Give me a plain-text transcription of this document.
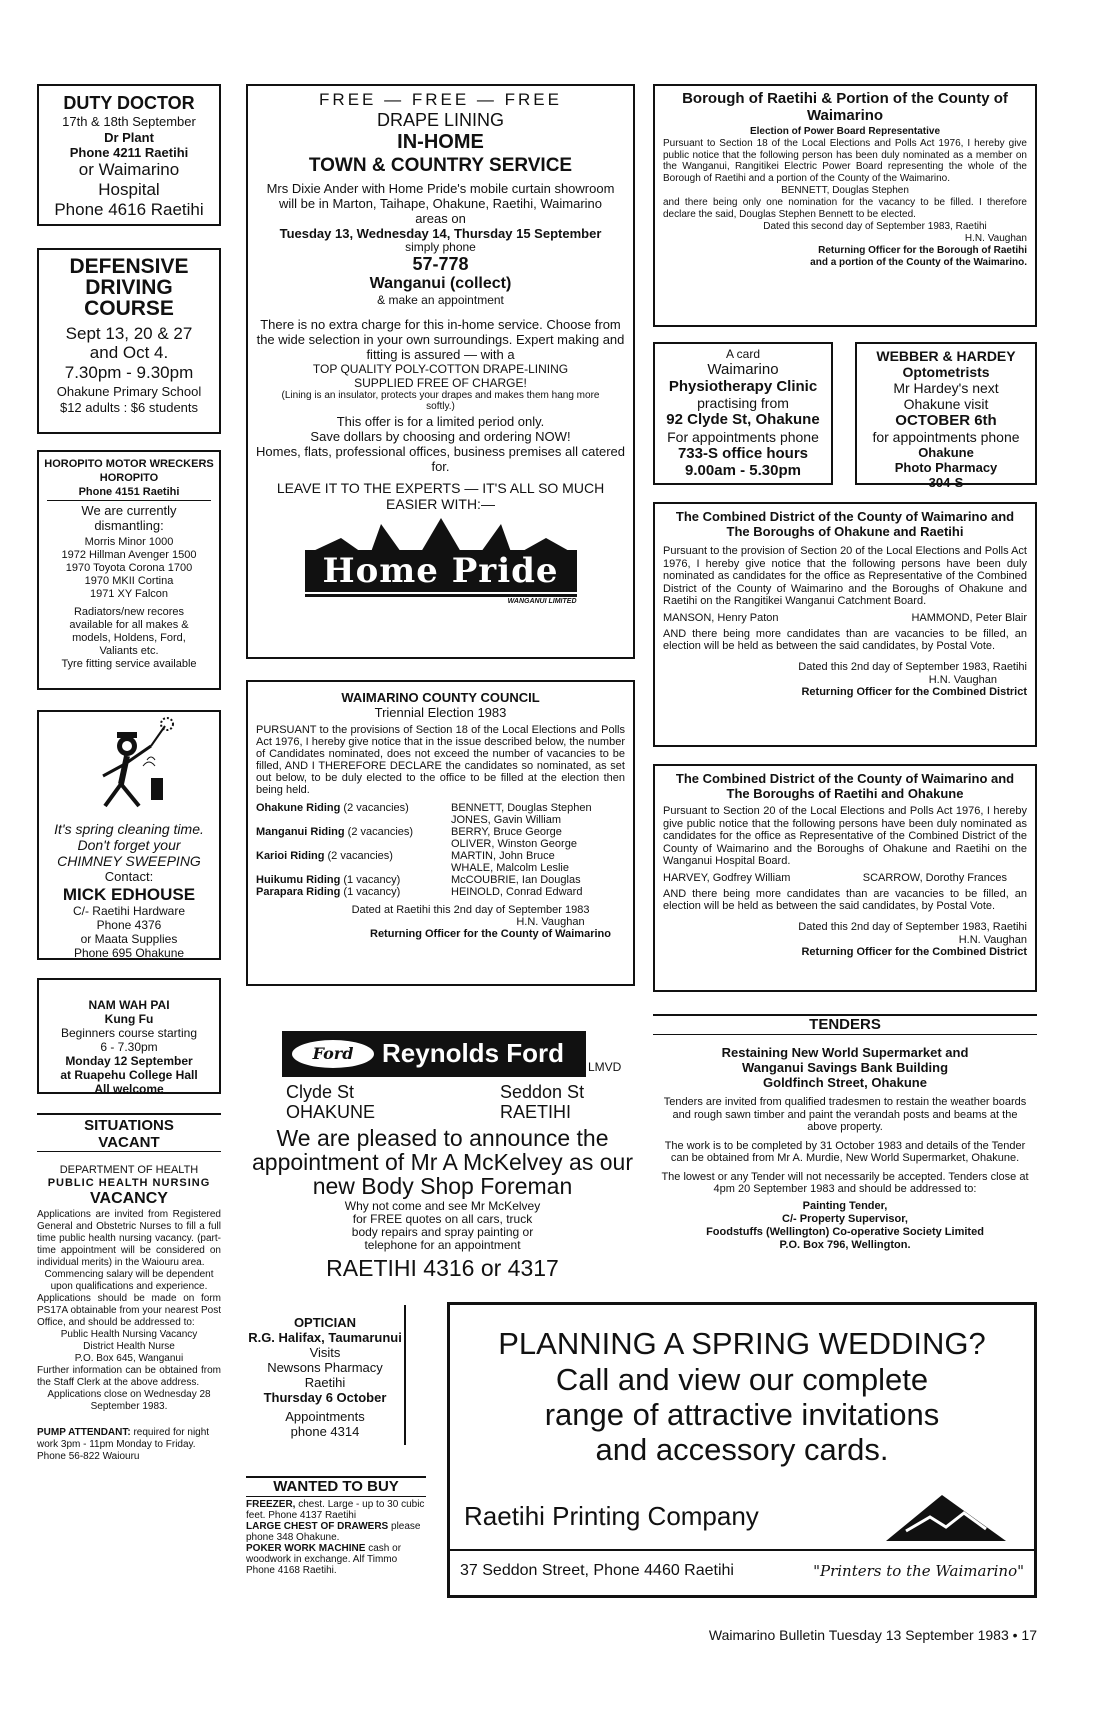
DUTY DOCTOR
17th & 18th September
Dr Plant
Phone 4211 Raetihi
or Waimarino
Hospital
Phone 4616 Raetihi
DEFENSIVE
DRIVING
COURSE
Sept 13, 20 & 27
and Oct 4.
7.30pm - 9.30pm
Ohakune Primary School
$12 adults : $6 students
HOROPITO MOTOR WRECKERS
HOROPITO
Phone 4151 Raetihi
We are currently
dismantling:
Morris Minor 1000
1972 Hillman Avenger 1500
1970 Toyota Corona 1700
1970 MKII Cortina
1971 XY Falcon
Radiators/new recores
available for all makes &
models, Holdens, Ford,
Valiants etc.
Tyre fitting service available
It's spring cleaning time.
Don't forget your
CHIMNEY SWEEPING
Contact:
MICK EDHOUSE
C/- Raetihi Hardware
Phone 4376
or Maata Supplies
Phone 695 Ohakune
NAM WAH PAI
Kung Fu
Beginners course starting
6 - 7.30pm
Monday 12 September
at Ruapehu College Hall
All welcome
SITUATIONS
VACANT
DEPARTMENT OF HEALTH
PUBLIC HEALTH NURSING
VACANCY
Applications are invited from Registered General and Obstetric Nurses to fill a full time public health nursing vacancy. (part-time appointment will be considered on individual merits) in the Waiouru area.
Commencing salary will be dependent upon qualifications and experience.
Applications should be made on form PS17A obtainable from your nearest Post Office, and should be addressed to:
Public Health Nursing Vacancy
District Health Nurse
P.O. Box 645, Wanganui
Further information can be obtained from the Staff Clerk at the above address.
Applications close on Wednesday 28 September 1983.
PUMP ATTENDANT: required for night work 3pm - 11pm Monday to Friday. Phone 56-822 Waiouru
FREE — FREE — FREE
DRAPE LINING
IN-HOME
TOWN & COUNTRY SERVICE
Mrs Dixie Ander with Home Pride's mobile curtain showroom will be in Marton, Taihape, Ohakune, Raetihi, Waimarino areas on
Tuesday 13, Wednesday 14, Thursday 15 September
simply phone
57-778
Wanganui (collect)
& make an appointment
There is no extra charge for this in-home service. Choose from the wide selection in your own surroundings. Expert making and fitting is assured — with a
TOP QUALITY POLY-COTTON DRAPE-LINING
SUPPLIED FREE OF CHARGE!
(Lining is an insulator, protects your drapes and makes them hang more softly.)
This offer is for a limited period only.
Save dollars by choosing and ordering NOW!
Homes, flats, professional offices, business premises all catered for.
LEAVE IT TO THE EXPERTS — IT'S ALL SO MUCH EASIER WITH:—
Home Pride
WANGANUI LIMITED
WAIMARINO COUNTY COUNCIL
Triennial Election 1983
PURSUANT to the provisions of Section 18 of the Local Elections and Polls Act 1976, I hereby give notice that in the issue described below, the number of Candidates nominated, does not exceed the number of vacancies to be filled, AND I THEREFORE DECLARE the candidates so nominated, as set out below, to be duly elected to the office to be filled at the election then being held.
Ohakune Riding (2 vacancies)	BENNETT, Douglas Stephen
JONES, Gavin William
Manganui Riding (2 vacancies)	BERRY, Bruce George
OLIVER, Winston George
Karioi Riding (2 vacancies)	MARTIN, John Bruce
WHALE, Malcolm Leslie
Huikumu Riding (1 vacancy)	McCOUBRIE, Ian Douglas
Parapara Riding (1 vacancy)	HEINOLD, Conrad Edward
Dated at Raetihi this 2nd day of September 1983
H.N. Vaughan
Returning Officer for the County of Waimarino
Ford	Reynolds Ford	LMVD
Clyde St
OHAKUNE
Seddon St
RAETIHI
We are pleased to announce the appointment of Mr A McKelvey as our new Body Shop Foreman
Why not come and see Mr McKelvey
for FREE quotes on all cars, truck
body repairs and spray painting or
telephone for an appointment
RAETIHI 4316 or 4317
OPTICIAN
R.G. Halifax, Taumarunui
Visits
Newsons Pharmacy
Raetihi
Thursday 6 October
Appointments
phone 4314
WANTED TO BUY
FREEZER, chest. Large - up to 30 cubic feet. Phone 4137 Raetihi
LARGE CHEST OF DRAWERS please phone 348 Ohakune.
POKER WORK MACHINE cash or woodwork in exchange. Alf Timmo Phone 4168 Raetihi.
Borough of Raetihi & Portion of the County of Waimarino
Election of Power Board Representative
Pursuant to Section 18 of the Local Elections and Polls Act 1976, I hereby give public notice that the following person has been duly nominated as a member on the Wanganui, Rangitikei Electric Power Board representing the whole of the Borough of Raetihi and a portion of the County of the Waimarino.
BENNETT, Douglas Stephen
and there being only one nomination for the vacancy to be filled. I therefore declare the said, Douglas Stephen Bennett to be elected.
Dated this second day of September 1983, Raetihi
H.N. Vaughan
Returning Officer for the Borough of Raetihi
and a portion of the County of the Waimarino.
A card
Waimarino
Physiotherapy Clinic
practising from
92 Clyde St, Ohakune
For appointments phone
733-S office hours
9.00am - 5.30pm
WEBBER & HARDEY
Optometrists
Mr Hardey's next
Ohakune visit
OCTOBER 6th
for appointments phone
Ohakune
Photo Pharmacy
304-S
The Combined District of the County of Waimarino and The Boroughs of Ohakune and Raetihi
Pursuant to the provision of Section 20 of the Local Elections and Polls Act 1976, I hereby give notice that the following persons have been duly nominated as candidates for the office as Representative of the Combined District of the County of Waimarino and the Boroughs of Ohakune and Raetihi on the Rangitikei Wanganui Catchment Board.
MANSON, Henry Paton	HAMMOND, Peter Blair
AND there being more candidates than are vacancies to be filled, an election will be held as between the said candidates, by Postal Vote.
Dated this 2nd day of September 1983, Raetihi
H.N. Vaughan
Returning Officer for the Combined District
The Combined District of the County of Waimarino and The Boroughs of Raetihi and Ohakune
Pursuant to Section 20 of the Local Elections and Polls Act 1976, I hereby give public notice that the following persons have been duly nominated as candidates for the office as Representative of the Combined District of the County of Waimarino and the Boroughs of Ohakune and Raetihi on the Wanganui Hospital Board.
HARVEY, Godfrey William	SCARROW, Dorothy Frances
AND there being more candidates than are vacancies to be filled, an election will be held as between the said candidates, by Postal Vote.
Dated this 2nd day of September 1983, Raetihi
H.N. Vaughan
Returning Officer for the Combined District
TENDERS
Restaining New World Supermarket and
Wanganui Savings Bank Building
Goldfinch Street, Ohakune
Tenders are invited from qualified tradesmen to restain the weather boards and rough sawn timber and paint the verandah posts and beams at the above property.
The work is to be completed by 31 October 1983 and details of the Tender can be obtained from Mr A. Murdie, New World Supermarket, Ohakune.
The lowest or any Tender will not necessarily be accepted. Tenders close at 4pm 20 September 1983 and should be addressed to:
Painting Tender,
C/- Property Supervisor,
Foodstuffs (Wellington) Co-operative Society Limited
P.O. Box 796, Wellington.
PLANNING A SPRING WEDDING?
Call and view our complete
range of attractive invitations
and accessory cards.
Raetihi Printing Company
37 Seddon Street, Phone 4460 Raetihi	"Printers to the Waimarino"
Waimarino Bulletin Tuesday 13 September 1983 • 17
